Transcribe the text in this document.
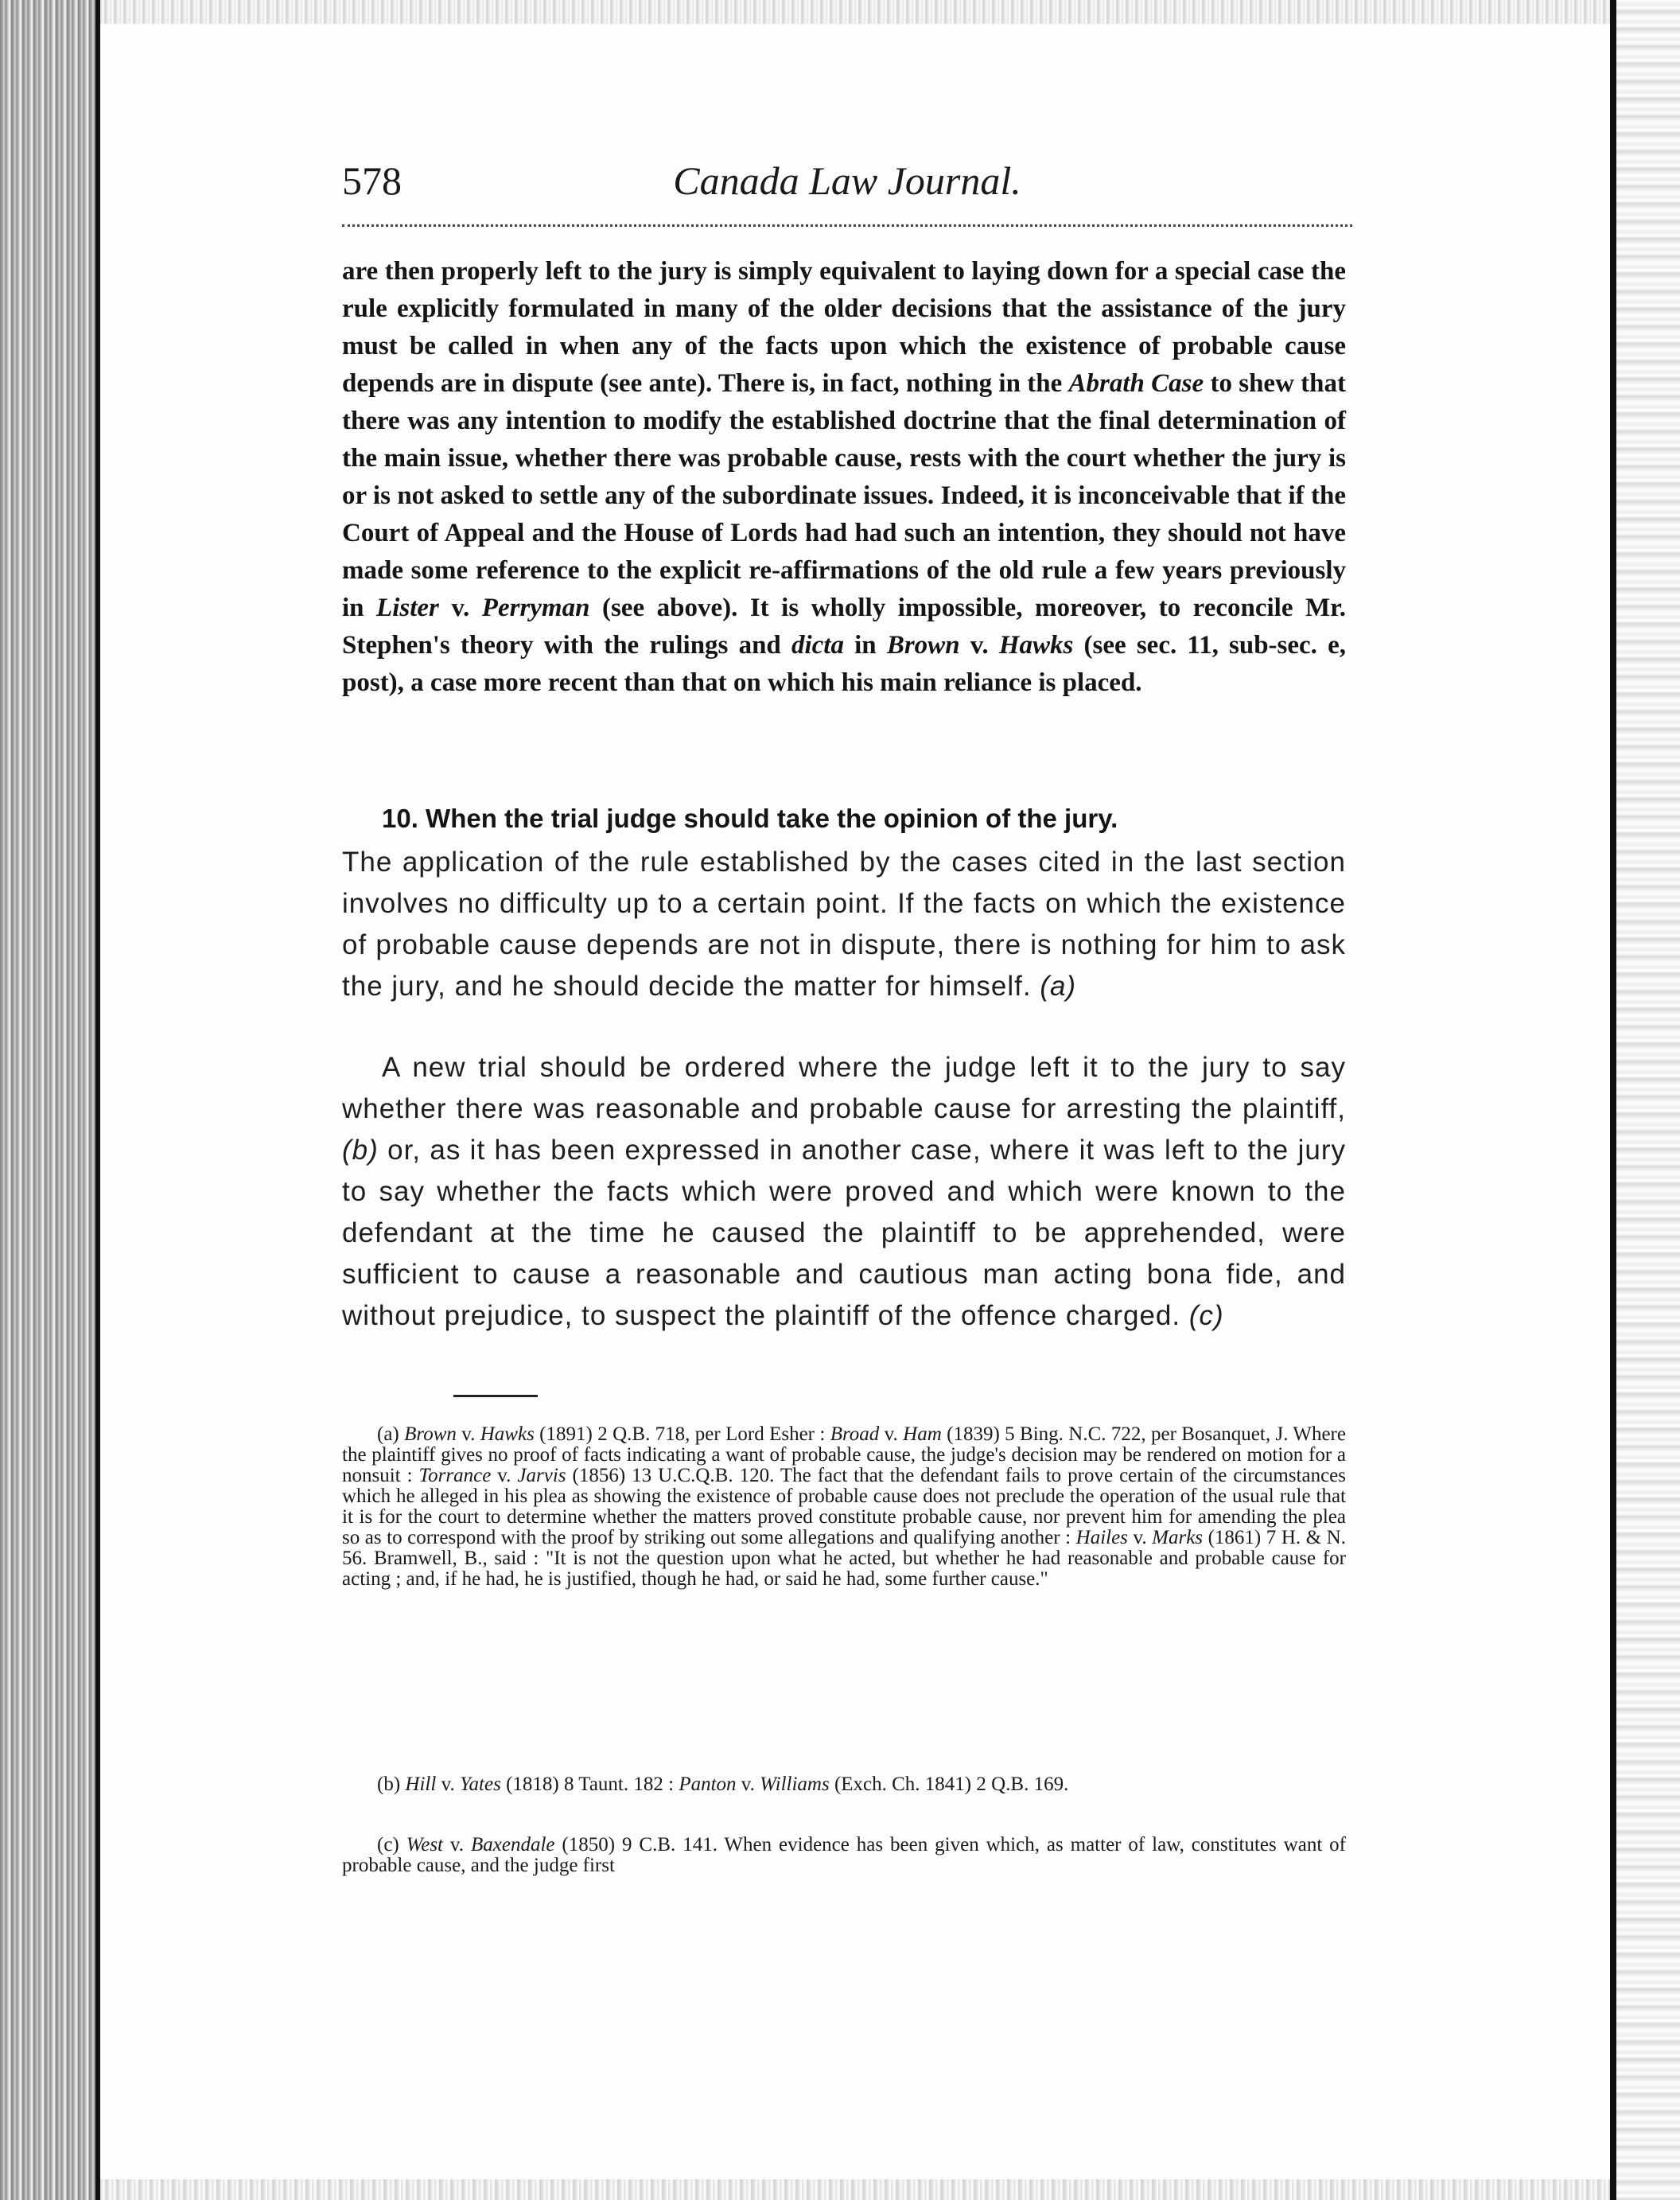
578	Canada Law Journal.

are then properly left to the jury is simply equivalent to laying down for a special case the rule explicitly formulated in many of the older decisions that the assistance of the jury must be called in when any of the facts upon which the existence of probable cause depends are in dispute (see ante). There is, in fact, nothing in the Abrath Case to shew that there was any intention to modify the established doctrine that the final determination of the main issue, whether there was probable cause, rests with the court whether the jury is or is not asked to settle any of the subordinate issues. Indeed, it is inconceivable that if the Court of Appeal and the House of Lords had had such an intention, they should not have made some reference to the explicit re-affirmations of the old rule a few years previously in Lister v. Perryman (see above). It is wholly impossible, moreover, to reconcile Mr. Stephen's theory with the rulings and dicta in Brown v. Hawks (see sec. 11, sub-sec. e, post), a case more recent than that on which his main reliance is placed.

10. When the trial judge should take the opinion of the jury.

The application of the rule established by the cases cited in the last section involves no difficulty up to a certain point. If the facts on which the existence of probable cause depends are not in dispute, there is nothing for him to ask the jury, and he should decide the matter for himself. (a)

A new trial should be ordered where the judge left it to the jury to say whether there was reasonable and probable cause for arresting the plaintiff, (b) or, as it has been expressed in another case, where it was left to the jury to say whether the facts which were proved and which were known to the defendant at the time he caused the plaintiff to be apprehended, were sufficient to cause a reasonable and cautious man acting bona fide, and without prejudice, to suspect the plaintiff of the offence charged. (c)

(a) Brown v. Hawks (1891) 2 Q.B. 718, per Lord Esher : Broad v. Ham (1839) 5 Bing. N.C. 722, per Bosanquet, J. Where the plaintiff gives no proof of facts indicating a want of probable cause, the judge's decision may be rendered on motion for a nonsuit : Torrance v. Jarvis (1856) 13 U.C.Q.B. 120. The fact that the defendant fails to prove certain of the circumstances which he alleged in his plea as showing the existence of probable cause does not preclude the operation of the usual rule that it is for the court to determine whether the matters proved constitute probable cause, nor prevent him for amending the plea so as to correspond with the proof by striking out some allegations and qualifying another : Hailes v. Marks (1861) 7 H. & N. 56. Bramwell, B., said : "It is not the question upon what he acted, but whether he had reasonable and probable cause for acting ; and, if he had, he is justified, though he had, or said he had, some further cause."

(b) Hill v. Yates (1818) 8 Taunt. 182 : Panton v. Williams (Exch. Ch. 1841) 2 Q.B. 169.

(c) West v. Baxendale (1850) 9 C.B. 141. When evidence has been given which, as matter of law, constitutes want of probable cause, and the judge first
